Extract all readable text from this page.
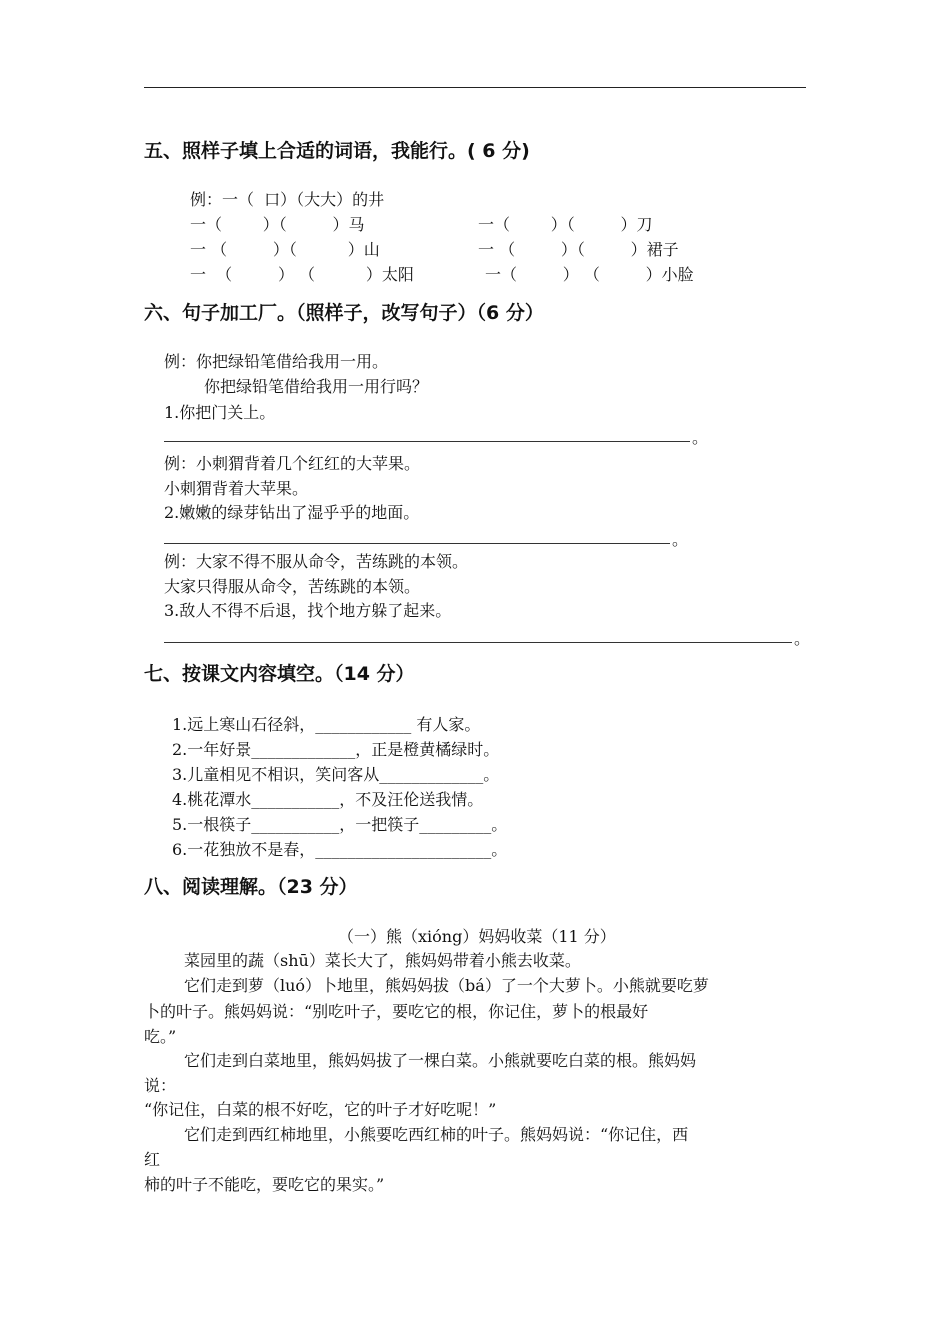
五、照样子填上合适的词语，我能行。( 6 分)
例：一（  口）（大大）的井
一（        ）（         ）马	一（        ）（         ）刀
一 （         ）（          ）山	一 （         ）（         ）裙子
一  （         ） （          ）太阳	一（         ） （         ）小脸
六、句子加工厂。（照样子，改写句子）（6 分）
例：你把绿铅笔借给我用一用。
你把绿铅笔借给我用一用行吗？
1.你把门关上。
。
例：小刺猬背着几个红红的大苹果。
小刺猬背着大苹果。
2.嫩嫩的绿芽钻出了湿乎乎的地面。
。
例：大家不得不服从命令，苦练跳的本领。
大家只得服从命令，苦练跳的本领。
3.敌人不得不后退，找个地方躲了起来。
。
七、按课文内容填空。（14 分）
1.远上寒山石径斜，____________ 有人家。
2.一年好景_____________，正是橙黄橘绿时。
3.儿童相见不相识，笑问客从_____________。
4.桃花潭水___________，不及汪伦送我情。
5.一根筷子___________，一把筷子_________。
6.一花独放不是春，______________________。
八、阅读理解。（23 分）
（一）熊（xióng）妈妈收菜（11 分）
菜园里的蔬（shū）菜长大了，熊妈妈带着小熊去收菜。
它们走到萝（luó）卜地里，熊妈妈拔（bá）了一个大萝卜。小熊就要吃萝
卜的叶子。熊妈妈说：“别吃叶子，要吃它的根，你记住，萝卜的根最好
吃。”
它们走到白菜地里，熊妈妈拔了一棵白菜。小熊就要吃白菜的根。熊妈妈
说：
“你记住，白菜的根不好吃，它的叶子才好吃呢！”
它们走到西红柿地里，小熊要吃西红柿的叶子。熊妈妈说：“你记住，西
红
柿的叶子不能吃，要吃它的果实。”
